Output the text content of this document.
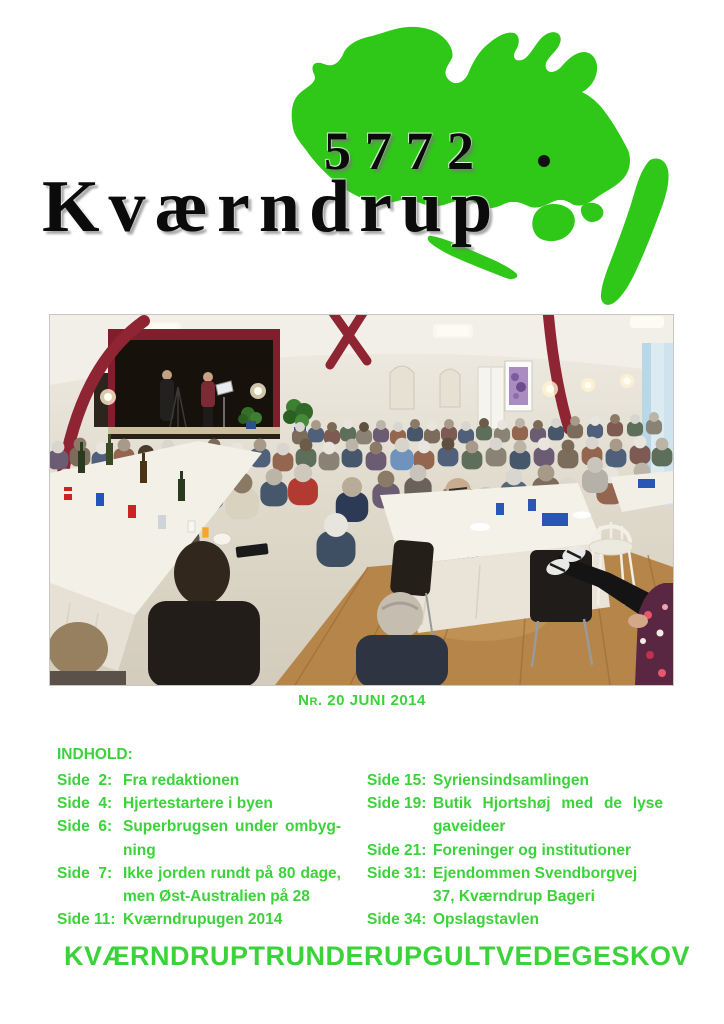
5772
Kværndrup
Nr. 20 JUNI 2014
INDHOLD:
Side  2: Fra redaktionen
Side  4: Hjertestartere i byen
Side  6: Superbrugsen under ombyg-
ning
Side  7: Ikke jorden rundt på 80 dage,
men Øst-Australien på 28
Side 11: Kværndrupugen 2014
Side 15: Syriensindsamlingen
Side 19: Butik Hjortshøj med de lyse
gaveideer
Side 21: Foreninger og institutioner
Side 31: Ejendommen Svendborgvej
37, Kværndrup Bageri
Side 34: Opslagstavlen
KVÆRNDRUP TRUNDERUP GULTVED EGESKOV
